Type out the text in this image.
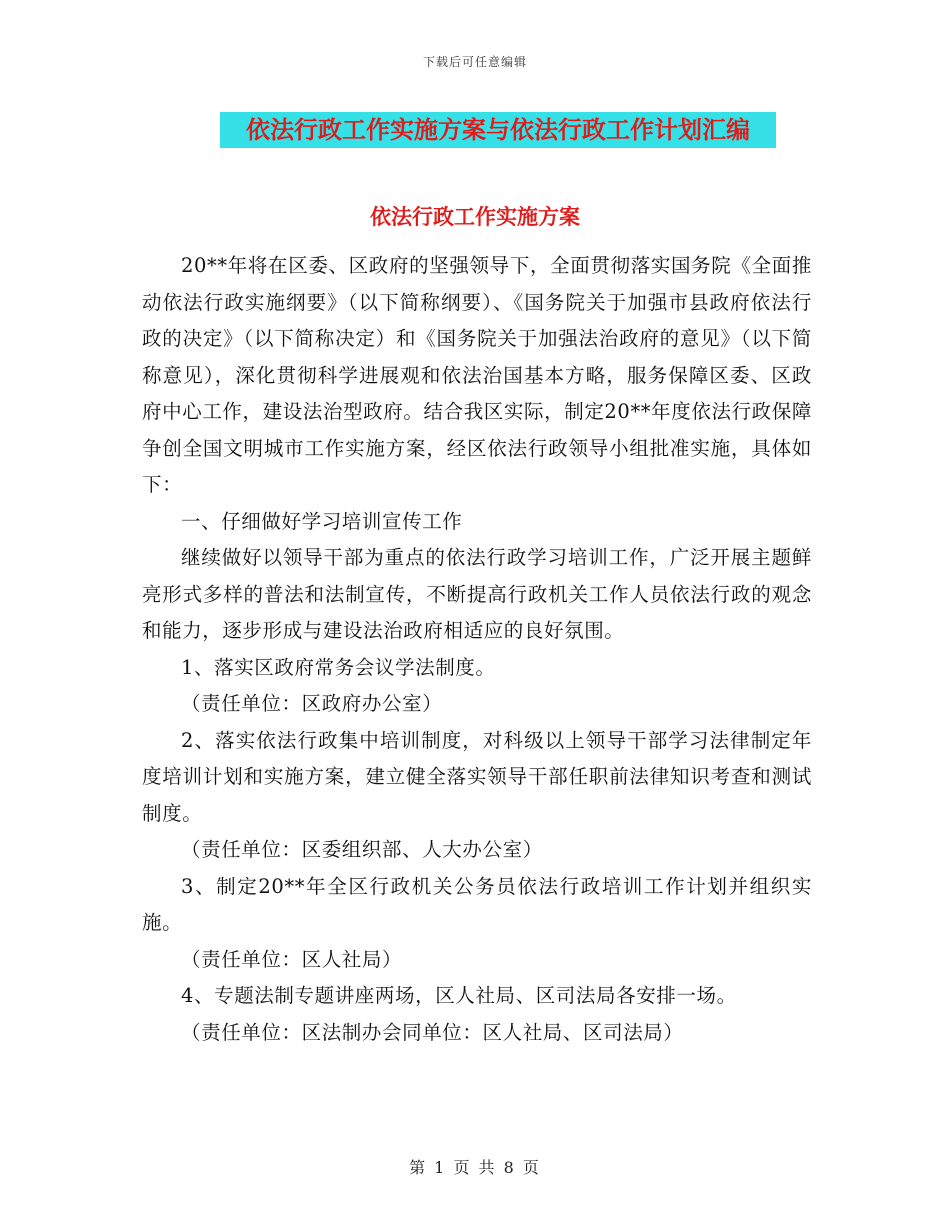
下载后可任意编辑
依法行政工作实施方案与依法行政工作计划汇编
依法行政工作实施方案

20**年将在区委、区政府的坚强领导下，全面贯彻落实国务院《全面推动依法行政实施纲要》（以下简称纲要）、《国务院关于加强市县政府依法行政的决定》（以下简称决定）和《国务院关于加强法治政府的意见》（以下简称意见），深化贯彻科学进展观和依法治国基本方略，服务保障区委、区政府中心工作，建设法治型政府。结合我区实际，制定20**年度依法行政保障争创全国文明城市工作实施方案，经区依法行政领导小组批准实施，具体如下：

一、仔细做好学习培训宣传工作

继续做好以领导干部为重点的依法行政学习培训工作，广泛开展主题鲜亮形式多样的普法和法制宣传，不断提高行政机关工作人员依法行政的观念和能力，逐步形成与建设法治政府相适应的良好氛围。

1、落实区政府常务会议学法制度。

（责任单位：区政府办公室）

2、落实依法行政集中培训制度，对科级以上领导干部学习法律制定年度培训计划和实施方案，建立健全落实领导干部任职前法律知识考查和测试制度。

（责任单位：区委组织部、人大办公室）

3、制定20**年全区行政机关公务员依法行政培训工作计划并组织实施。

（责任单位：区人社局）

4、专题法制专题讲座两场，区人社局、区司法局各安排一场。

（责任单位：区法制办会同单位：区人社局、区司法局）

第 1 页 共 8 页
